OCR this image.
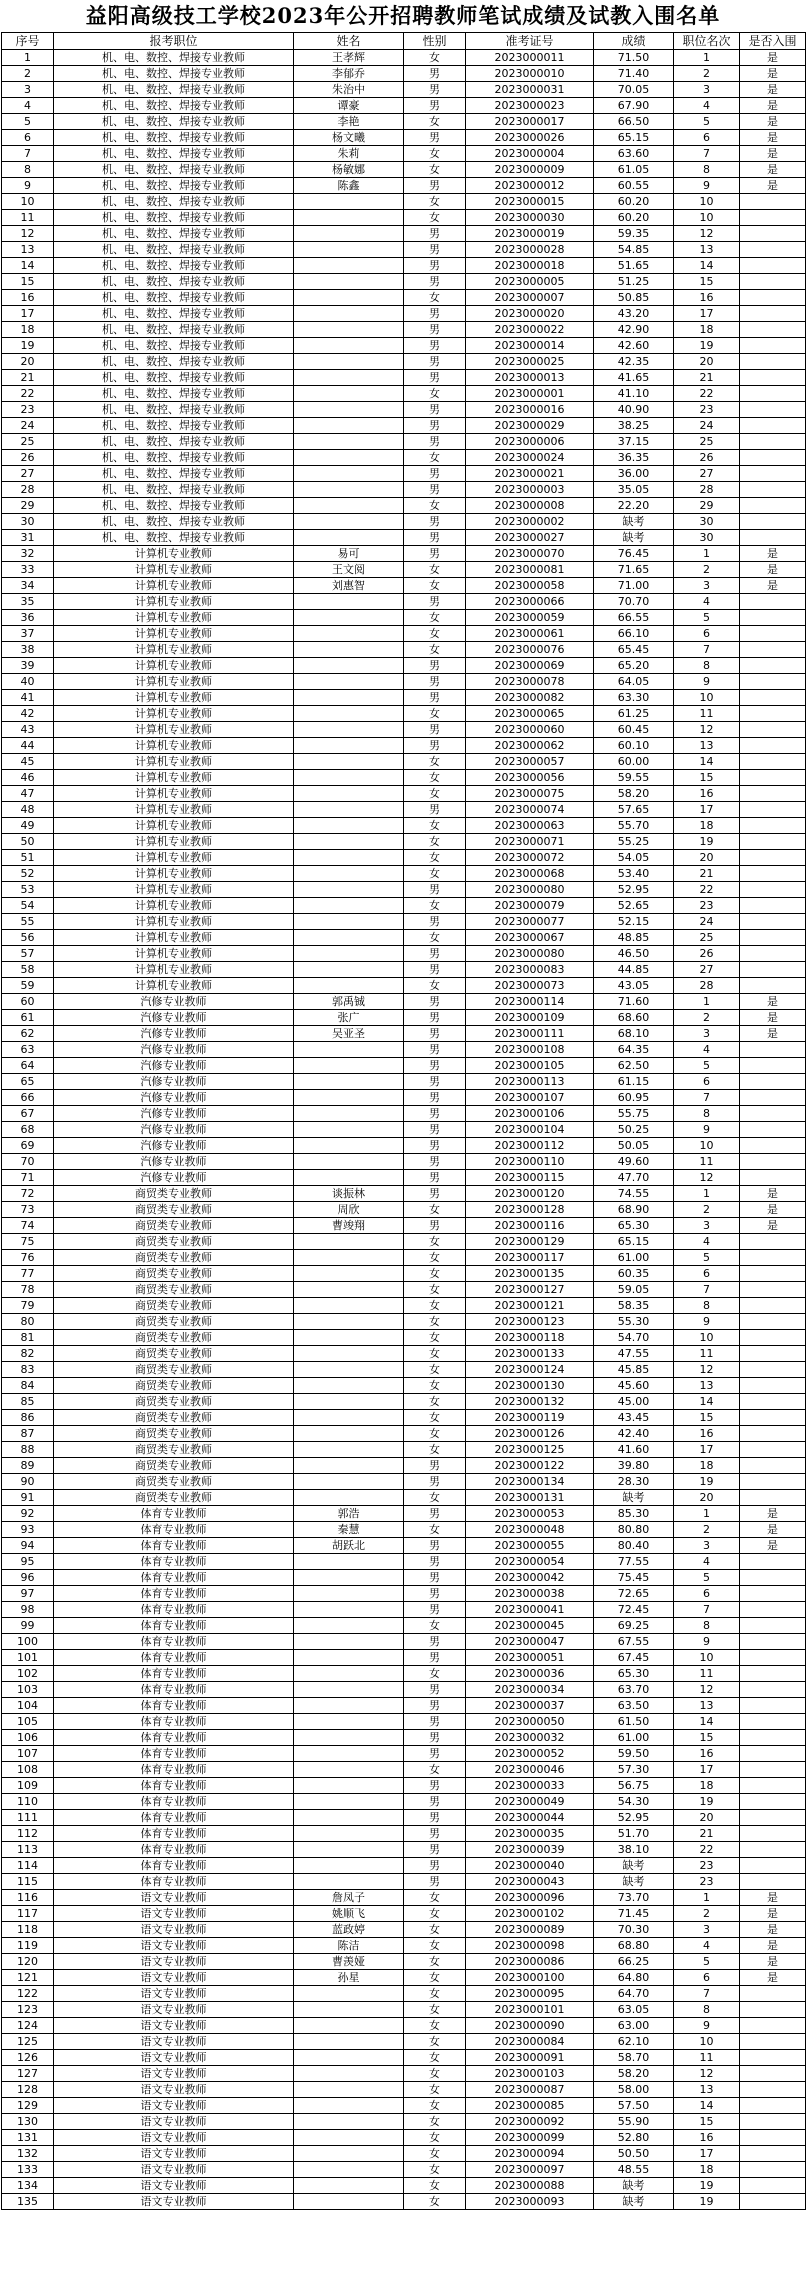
益阳高级技工学校2023年公开招聘教师笔试成绩及试教入围名单
序号	报考职位	姓名	性别	准考证号	成绩	职位名次	是否入围
1	机、电、数控、焊接专业教师	王孝辉	女	2023000011	71.50	1	是
2	机、电、数控、焊接专业教师	李郁乔	男	2023000010	71.40	2	是
3	机、电、数控、焊接专业教师	朱治中	男	2023000031	70.05	3	是
4	机、电、数控、焊接专业教师	谭豪	男	2023000023	67.90	4	是
5	机、电、数控、焊接专业教师	李艳	女	2023000017	66.50	5	是
6	机、电、数控、焊接专业教师	杨文曦	男	2023000026	65.15	6	是
7	机、电、数控、焊接专业教师	朱莉	女	2023000004	63.60	7	是
8	机、电、数控、焊接专业教师	杨敏娜	女	2023000009	61.05	8	是
9	机、电、数控、焊接专业教师	陈鑫	男	2023000012	60.55	9	是
10	机、电、数控、焊接专业教师		女	2023000015	60.20	10	
11	机、电、数控、焊接专业教师		女	2023000030	60.20	10	
12	机、电、数控、焊接专业教师		男	2023000019	59.35	12	
13	机、电、数控、焊接专业教师		男	2023000028	54.85	13	
14	机、电、数控、焊接专业教师		男	2023000018	51.65	14	
15	机、电、数控、焊接专业教师		男	2023000005	51.25	15	
16	机、电、数控、焊接专业教师		女	2023000007	50.85	16	
17	机、电、数控、焊接专业教师		男	2023000020	43.20	17	
18	机、电、数控、焊接专业教师		男	2023000022	42.90	18	
19	机、电、数控、焊接专业教师		男	2023000014	42.60	19	
20	机、电、数控、焊接专业教师		男	2023000025	42.35	20	
21	机、电、数控、焊接专业教师		男	2023000013	41.65	21	
22	机、电、数控、焊接专业教师		女	2023000001	41.10	22	
23	机、电、数控、焊接专业教师		男	2023000016	40.90	23	
24	机、电、数控、焊接专业教师		男	2023000029	38.25	24	
25	机、电、数控、焊接专业教师		男	2023000006	37.15	25	
26	机、电、数控、焊接专业教师		女	2023000024	36.35	26	
27	机、电、数控、焊接专业教师		男	2023000021	36.00	27	
28	机、电、数控、焊接专业教师		男	2023000003	35.05	28	
29	机、电、数控、焊接专业教师		女	2023000008	22.20	29	
30	机、电、数控、焊接专业教师		男	2023000002	缺考	30	
31	机、电、数控、焊接专业教师		男	2023000027	缺考	30	
32	计算机专业教师	易可	男	2023000070	76.45	1	是
33	计算机专业教师	王文阅	女	2023000081	71.65	2	是
34	计算机专业教师	刘惠智	女	2023000058	71.00	3	是
35	计算机专业教师		男	2023000066	70.70	4	
36	计算机专业教师		女	2023000059	66.55	5	
37	计算机专业教师		女	2023000061	66.10	6	
38	计算机专业教师		女	2023000076	65.45	7	
39	计算机专业教师		男	2023000069	65.20	8	
40	计算机专业教师		男	2023000078	64.05	9	
41	计算机专业教师		男	2023000082	63.30	10	
42	计算机专业教师		女	2023000065	61.25	11	
43	计算机专业教师		男	2023000060	60.45	12	
44	计算机专业教师		男	2023000062	60.10	13	
45	计算机专业教师		女	2023000057	60.00	14	
46	计算机专业教师		女	2023000056	59.55	15	
47	计算机专业教师		女	2023000075	58.20	16	
48	计算机专业教师		男	2023000074	57.65	17	
49	计算机专业教师		女	2023000063	55.70	18	
50	计算机专业教师		女	2023000071	55.25	19	
51	计算机专业教师		女	2023000072	54.05	20	
52	计算机专业教师		女	2023000068	53.40	21	
53	计算机专业教师		男	2023000080	52.95	22	
54	计算机专业教师		女	2023000079	52.65	23	
55	计算机专业教师		男	2023000077	52.15	24	
56	计算机专业教师		女	2023000067	48.85	25	
57	计算机专业教师		男	2023000080	46.50	26	
58	计算机专业教师		男	2023000083	44.85	27	
59	计算机专业教师		女	2023000073	43.05	28	
60	汽修专业教师	郭禹铖	男	2023000114	71.60	1	是
61	汽修专业教师	张广	男	2023000109	68.60	2	是
62	汽修专业教师	吴亚圣	男	2023000111	68.10	3	是
63	汽修专业教师		男	2023000108	64.35	4	
64	汽修专业教师		男	2023000105	62.50	5	
65	汽修专业教师		男	2023000113	61.15	6	
66	汽修专业教师		男	2023000107	60.95	7	
67	汽修专业教师		男	2023000106	55.75	8	
68	汽修专业教师		男	2023000104	50.25	9	
69	汽修专业教师		男	2023000112	50.05	10	
70	汽修专业教师		男	2023000110	49.60	11	
71	汽修专业教师		男	2023000115	47.70	12	
72	商贸类专业教师	谈振林	男	2023000120	74.55	1	是
73	商贸类专业教师	周欣	女	2023000128	68.90	2	是
74	商贸类专业教师	曹竣翔	男	2023000116	65.30	3	是
75	商贸类专业教师		女	2023000129	65.15	4	
76	商贸类专业教师		女	2023000117	61.00	5	
77	商贸类专业教师		女	2023000135	60.35	6	
78	商贸类专业教师		女	2023000127	59.05	7	
79	商贸类专业教师		女	2023000121	58.35	8	
80	商贸类专业教师		女	2023000123	55.30	9	
81	商贸类专业教师		女	2023000118	54.70	10	
82	商贸类专业教师		女	2023000133	47.55	11	
83	商贸类专业教师		女	2023000124	45.85	12	
84	商贸类专业教师		女	2023000130	45.60	13	
85	商贸类专业教师		女	2023000132	45.00	14	
86	商贸类专业教师		女	2023000119	43.45	15	
87	商贸类专业教师		女	2023000126	42.40	16	
88	商贸类专业教师		女	2023000125	41.60	17	
89	商贸类专业教师		男	2023000122	39.80	18	
90	商贸类专业教师		男	2023000134	28.30	19	
91	商贸类专业教师		女	2023000131	缺考	20	
92	体育专业教师	郭浩	男	2023000053	85.30	1	是
93	体育专业教师	秦慧	女	2023000048	80.80	2	是
94	体育专业教师	胡跃北	男	2023000055	80.40	3	是
95	体育专业教师		男	2023000054	77.55	4	
96	体育专业教师		男	2023000042	75.45	5	
97	体育专业教师		男	2023000038	72.65	6	
98	体育专业教师		男	2023000041	72.45	7	
99	体育专业教师		女	2023000045	69.25	8	
100	体育专业教师		男	2023000047	67.55	9	
101	体育专业教师		男	2023000051	67.45	10	
102	体育专业教师		女	2023000036	65.30	11	
103	体育专业教师		男	2023000034	63.70	12	
104	体育专业教师		男	2023000037	63.50	13	
105	体育专业教师		男	2023000050	61.50	14	
106	体育专业教师		男	2023000032	61.00	15	
107	体育专业教师		男	2023000052	59.50	16	
108	体育专业教师		女	2023000046	57.30	17	
109	体育专业教师		男	2023000033	56.75	18	
110	体育专业教师		男	2023000049	54.30	19	
111	体育专业教师		男	2023000044	52.95	20	
112	体育专业教师		男	2023000035	51.70	21	
113	体育专业教师		男	2023000039	38.10	22	
114	体育专业教师		男	2023000040	缺考	23	
115	体育专业教师		男	2023000043	缺考	23	
116	语文专业教师	詹凤子	女	2023000096	73.70	1	是
117	语文专业教师	姚顺飞	女	2023000102	71.45	2	是
118	语文专业教师	蓝政婷	女	2023000089	70.30	3	是
119	语文专业教师	陈洁	女	2023000098	68.80	4	是
120	语文专业教师	曹羡娅	女	2023000086	66.25	5	是
121	语文专业教师	孙星	女	2023000100	64.80	6	是
122	语文专业教师		女	2023000095	64.70	7	
123	语文专业教师		女	2023000101	63.05	8	
124	语文专业教师		女	2023000090	63.00	9	
125	语文专业教师		女	2023000084	62.10	10	
126	语文专业教师		女	2023000091	58.70	11	
127	语文专业教师		女	2023000103	58.20	12	
128	语文专业教师		女	2023000087	58.00	13	
129	语文专业教师		女	2023000085	57.50	14	
130	语文专业教师		女	2023000092	55.90	15	
131	语文专业教师		女	2023000099	52.80	16	
132	语文专业教师		女	2023000094	50.50	17	
133	语文专业教师		女	2023000097	48.55	18	
134	语文专业教师		女	2023000088	缺考	19	
135	语文专业教师		女	2023000093	缺考	19	
